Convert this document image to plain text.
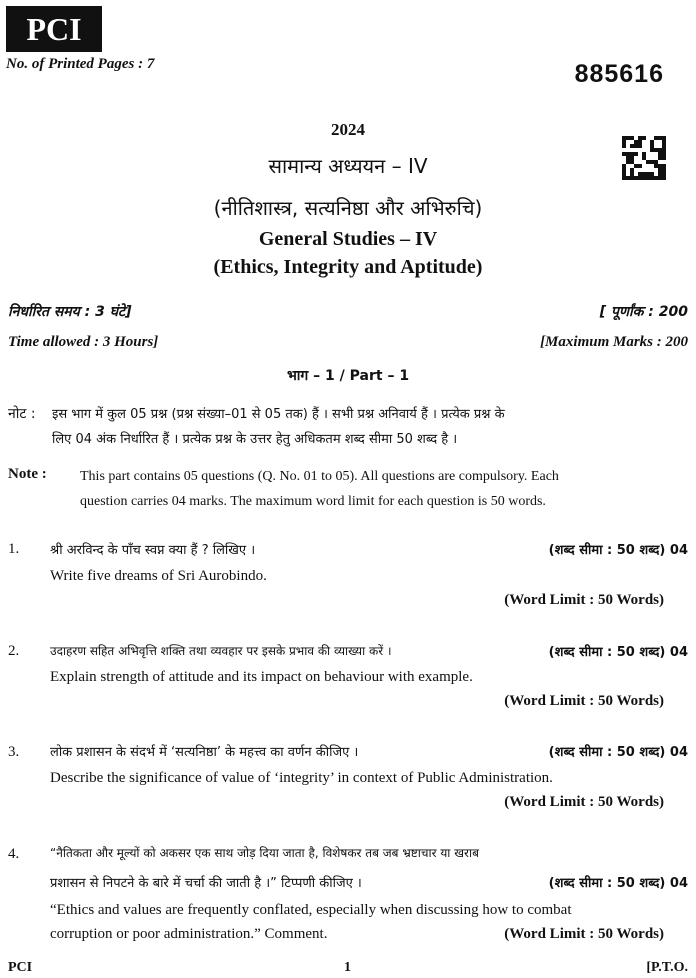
PCI
No. of Printed Pages : 7	885616
2024
सामान्य अध्ययन – IV
(नीतिशास्त्र, सत्यनिष्ठा और अभिरुचि)
General Studies – IV
(Ethics, Integrity and Aptitude)
निर्धारित समय : 3 घंटे]	[ पूर्णांक : 200
Time allowed : 3 Hours]	[Maximum Marks : 200
भाग – 1 / Part – 1
नोट : इस भाग में कुल 05 प्रश्न (प्रश्न संख्या–01 से 05 तक) हैं । सभी प्रश्न अनिवार्य हैं । प्रत्येक प्रश्न के
लिए 04 अंक निर्धारित हैं । प्रत्येक प्रश्न के उत्तर हेतु अधिकतम शब्द सीमा 50 शब्द है ।
Note : This part contains 05 questions (Q. No. 01 to 05). All questions are compulsory. Each
question carries 04 marks. The maximum word limit for each question is 50 words.
1. श्री अरविन्द के पाँच स्वप्न क्या हैं ? लिखिए ।	(शब्द सीमा : 50 शब्द) 04
Write five dreams of Sri Aurobindo.
(Word Limit : 50 Words)
2.	उदाहरण सहित अभिवृत्ति शक्ति तथा व्यवहार पर इसके प्रभाव की व्याख्या करें ।	(शब्द सीमा : 50 शब्द) 04
Explain strength of attitude and its impact on behaviour with example.
(Word Limit : 50 Words)
3. लोक प्रशासन के संदर्भ में ‘सत्यनिष्ठा’ के महत्त्व का वर्णन कीजिए ।	(शब्द सीमा : 50 शब्द) 04
Describe the significance of value of ‘integrity’ in context of Public Administration.
(Word Limit : 50 Words)
4.	“नैतिकता और मूल्यों को अकसर एक साथ जोड़ दिया जाता है, विशेषकर तब जब भ्रष्टाचार या खराब
प्रशासन से निपटने के बारे में चर्चा की जाती है ।” टिप्पणी कीजिए ।	(शब्द सीमा : 50 शब्द) 04
“Ethics and values are frequently conflated, especially when discussing how to combat
corruption or poor administration.” Comment.	(Word Limit : 50 Words)
PCI	1	[P.T.O.
